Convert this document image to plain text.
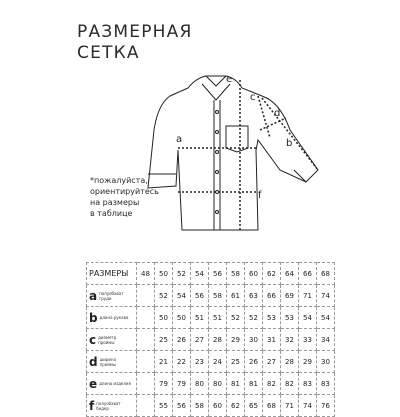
РАЗМЕРНАЯ
СЕТКА
a	b
c
d
e
f
*пожалуйста,
ориентируйтесь
на размеры
в таблице
РАЗМЕРЫ	48	50	52	54	56	58	60	62	64	66	68
a полуобхват груди		52	54	56	58	61	63	66	69	71	74
b длина рукава		50	50	51	51	52	52	53	53	54	54
c диаметр проймы		25	26	27	28	29	30	31	32	33	34
d ширина проймы		21	22	23	24	25	26	27	28	29	30
e длина изделия		79	79	80	80	81	81	82	82	83	83
f полуобхват бедер		55	56	58	60	62	65	68	71	74	76
